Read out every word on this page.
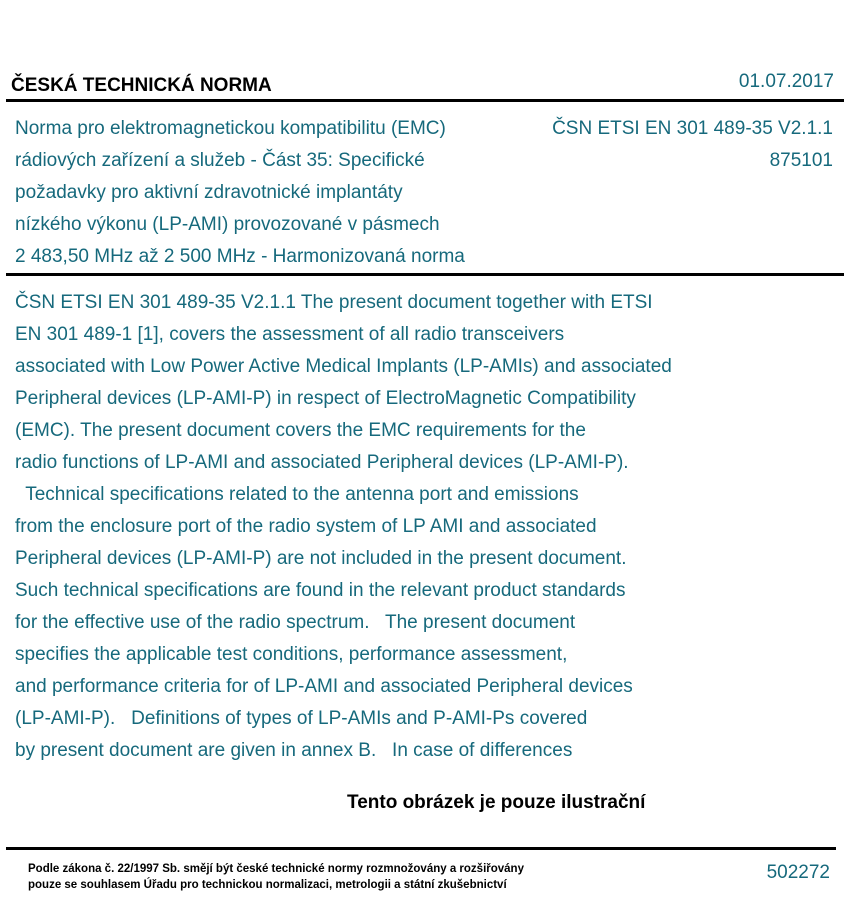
ČESKÁ TECHNICKÁ NORMA	01.07.2017
Norma pro elektromagnetickou kompatibilitu (EMC)
rádiových zařízení a služeb - Část 35: Specifické
požadavky pro aktivní zdravotnické implantáty
nízkého výkonu (LP-AMI) provozované v pásmech
2 483,50 MHz až 2 500 MHz - Harmonizovaná norma
ČSN ETSI EN 301 489-35 V2.1.1
875101
ČSN ETSI EN 301 489-35 V2.1.1 The present document together with ETSI
EN 301 489-1 [1], covers the assessment of all radio transceivers
associated with Low Power Active Medical Implants (LP-AMIs) and associated
Peripheral devices (LP-AMI-P) in respect of ElectroMagnetic Compatibility
(EMC). The present document covers the EMC requirements for the
radio functions of LP-AMI and associated Peripheral devices (LP-AMI-P).
Technical specifications related to the antenna port and emissions
from the enclosure port of the radio system of LP AMI and associated
Peripheral devices (LP-AMI-P) are not included in the present document.
Such technical specifications are found in the relevant product standards
for the effective use of the radio spectrum.   The present document
specifies the applicable test conditions, performance assessment,
and performance criteria for of LP-AMI and associated Peripheral devices
(LP-AMI-P).   Definitions of types of LP-AMIs and P-AMI-Ps covered
by present document are given in annex B.   In case of differences
Tento obrázek je pouze ilustrační
Podle zákona č. 22/1997 Sb. smějí být české technické normy rozmnožovány a rozšiřovány
pouze se souhlasem Úřadu pro technickou normalizaci, metrologii a státní zkušebnictví
502272
